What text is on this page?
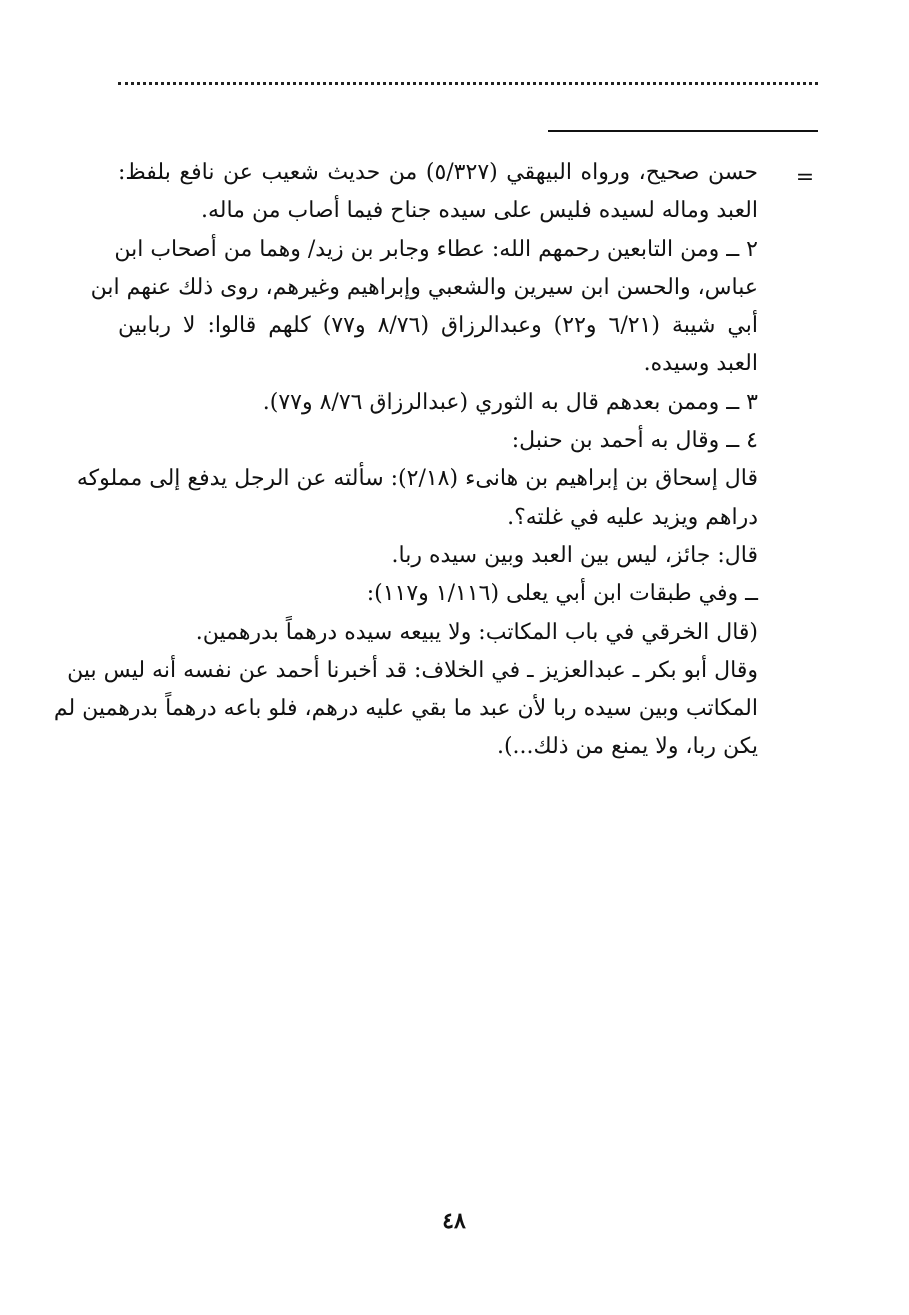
=
حسن صحيح، ورواه البيهقي (٥/٣٢٧) من حديث شعيب عن نافع بلفظ:
العبد وماله لسيده فليس على سيده جناح فيما أصاب من ماله.
٢ ــ ومن التابعين رحمهم الله: عطاء وجابر بن زيد/ وهما من أصحاب ابن
عباس، والحسن ابن سيرين والشعبي وإبراهيم وغيرهم، روى ذلك عنهم ابن
أبي شيبة (٦/٢١ و٢٢) وعبدالرزاق (٨/٧٦ و٧٧) كلهم قالوا: لا ربابين
العبد وسيده.
٣ ــ وممن بعدهم قال به الثوري (عبدالرزاق ٨/٧٦ و٧٧).
٤ ــ وقال به أحمد بن حنبل:
قال إسحاق بن إبراهيم بن هانىء (٢/١٨): سألته عن الرجل يدفع إلى مملوكه
دراهم ويزيد عليه في غلته؟.
قال: جائز، ليس بين العبد وبين سيده ربا.
ــ وفي طبقات ابن أبي يعلى (١/١١٦ و١١٧):
(قال الخرقي في باب المكاتب: ولا يبيعه سيده درهماً بدرهمين.
وقال أبو بكر ـ عبدالعزيز ـ في الخلاف: قد أخبرنا أحمد عن نفسه أنه ليس بين
المكاتب وبين سيده ربا لأن عبد ما بقي عليه درهم، فلو باعه درهماً بدرهمين لم
يكن ربا، ولا يمنع من ذلك...).
٤٨
